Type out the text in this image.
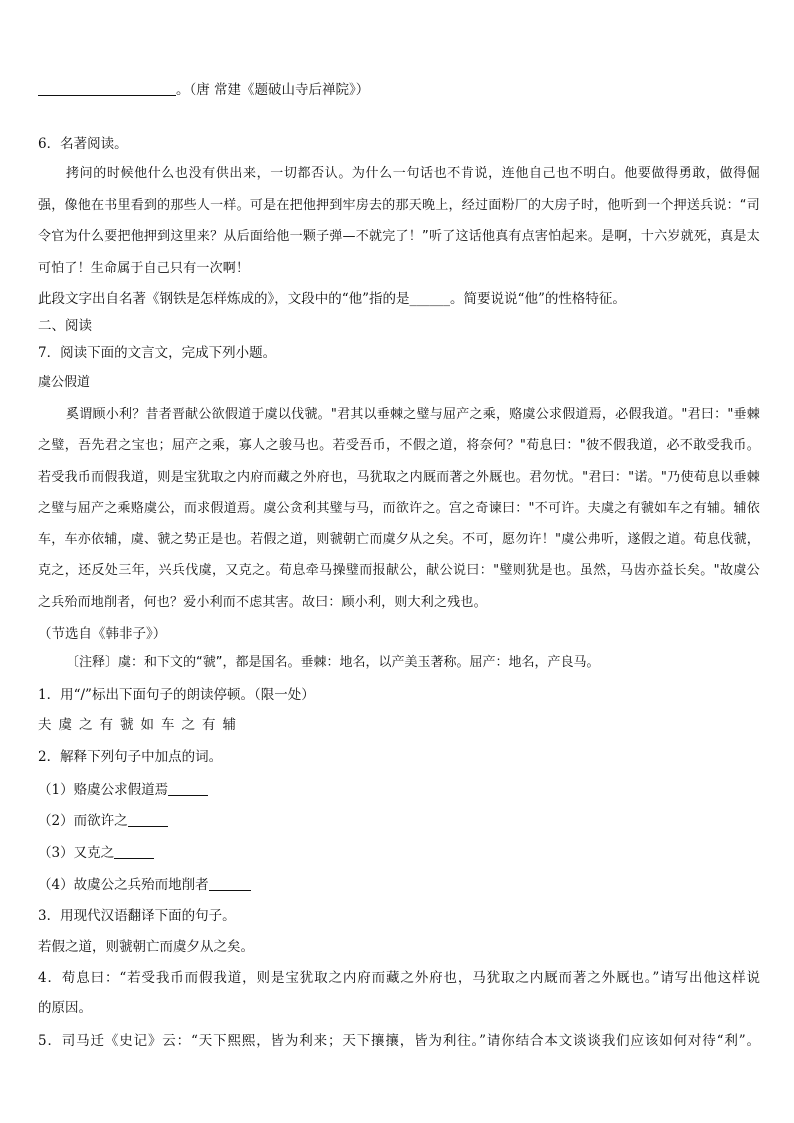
。（唐 常建《题破山寺后禅院》）
6．名著阅读。
拷问的时候他什么也没有供出来，一切都否认。为什么一句话也不肯说，连他自己也不明白。他要做得勇敢，做得倔强，像他在书里看到的那些人一样。可是在把他押到牢房去的那天晚上，经过面粉厂的大房子时，他听到一个押送兵说：“司令官为什么要把他押到这里来？从后面给他一颗子弹—不就完了！”听了这话他真有点害怕起来。是啊，十六岁就死，真是太可怕了！生命属于自己只有一次啊！
此段文字出自名著《钢铁是怎样炼成的》，文段中的“他”指的是______。简要说说“他”的性格特征。
二、阅读
7．阅读下面的文言文，完成下列小题。
虞公假道
奚谓顾小利？昔者晋献公欲假道于虞以伐虢。"君其以垂棘之璧与屈产之乘，赂虞公求假道焉，必假我道。"君曰："垂棘之璧，吾先君之宝也；屈产之乘，寡人之骏马也。若受吾币，不假之道，将奈何？"荀息曰："彼不假我道，必不敢受我币。若受我币而假我道，则是宝犹取之内府而藏之外府也，马犹取之内厩而著之外厩也。君勿忧。"君曰："诺。"乃使荀息以垂棘之璧与屈产之乘赂虞公，而求假道焉。虞公贪利其璧与马，而欲许之。宫之奇谏曰："不可许。夫虞之有虢如车之有辅。辅依车，车亦依辅，虞、虢之势正是也。若假之道，则虢朝亡而虞夕从之矣。不可，愿勿许！"虞公弗听，遂假之道。荀息伐虢，克之，还反处三年，兴兵伐虞，又克之。荀息牵马操璧而报献公，献公说曰："璧则犹是也。虽然，马齿亦益长矣。"故虞公之兵殆而地削者，何也？爱小利而不虑其害。故曰：顾小利，则大利之残也。
（节选自《韩非子》）
〔注释〕虞：和下文的“虢”，都是国名。垂棘：地名，以产美玉著称。屈产：地名，产良马。
1．用“/”标出下面句子的朗读停顿。（限一处）
夫 虞 之 有 虢 如 车 之 有 辅
2．解释下列句子中加点的词。
（1）赂虞公求假道焉
（2）而欲许之
（3）又克之
（4）故虞公之兵殆而地削者
3．用现代汉语翻译下面的句子。
若假之道，则虢朝亡而虞夕从之矣。
4．荀息曰：“若受我币而假我道，则是宝犹取之内府而藏之外府也，马犹取之内厩而著之外厩也。”请写出他这样说
的原因。
5．司马迁《史记》云：“天下熙熙，皆为利来；天下攘攘，皆为利往。”请你结合本文谈谈我们应该如何对待“利”。
